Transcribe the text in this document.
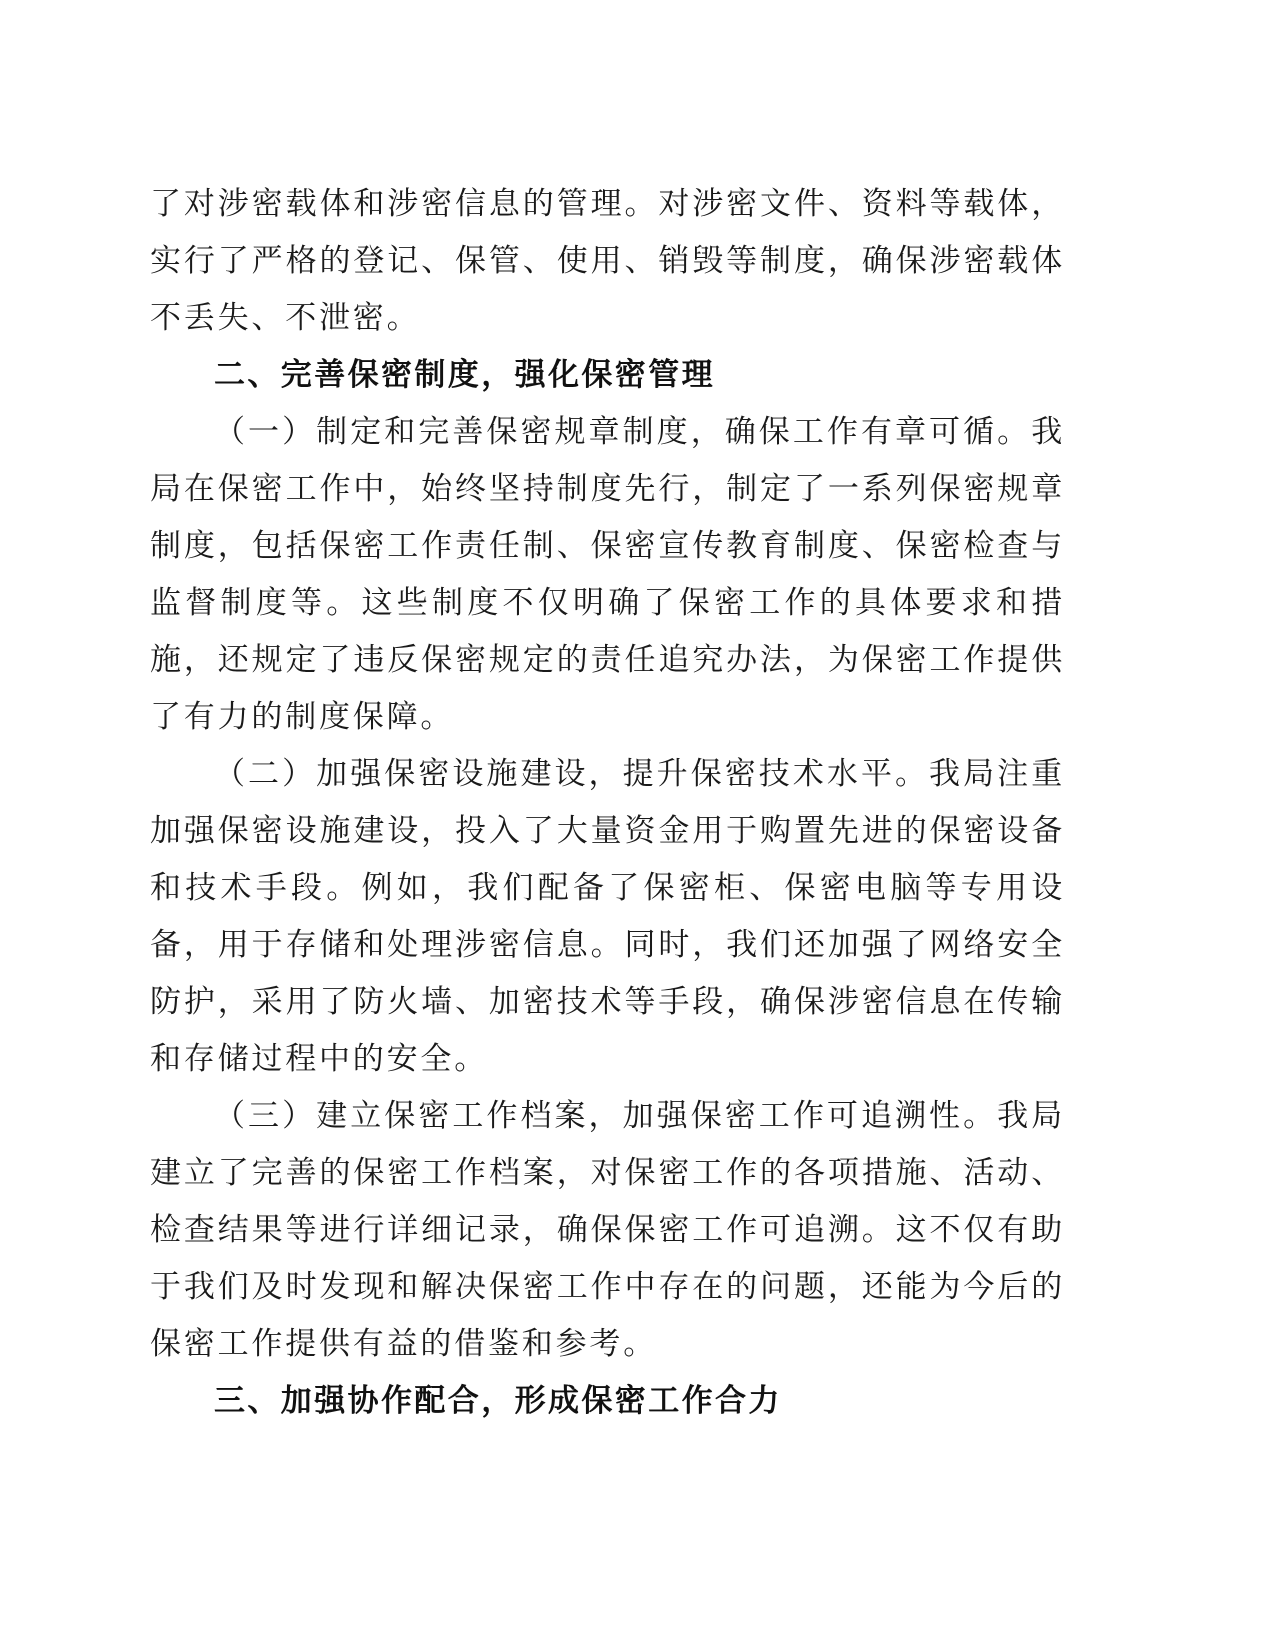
了对涉密载体和涉密信息的管理。对涉密文件、资料等载体，实行了严格的登记、保管、使用、销毁等制度，确保涉密载体不丢失、不泄密。

二、完善保密制度，强化保密管理

（一）制定和完善保密规章制度，确保工作有章可循。我局在保密工作中，始终坚持制度先行，制定了一系列保密规章制度，包括保密工作责任制、保密宣传教育制度、保密检查与监督制度等。这些制度不仅明确了保密工作的具体要求和措施，还规定了违反保密规定的责任追究办法，为保密工作提供了有力的制度保障。

（二）加强保密设施建设，提升保密技术水平。我局注重加强保密设施建设，投入了大量资金用于购置先进的保密设备和技术手段。例如，我们配备了保密柜、保密电脑等专用设备，用于存储和处理涉密信息。同时，我们还加强了网络安全防护，采用了防火墙、加密技术等手段，确保涉密信息在传输和存储过程中的安全。

（三）建立保密工作档案，加强保密工作可追溯性。我局建立了完善的保密工作档案，对保密工作的各项措施、活动、检查结果等进行详细记录，确保保密工作可追溯。这不仅有助于我们及时发现和解决保密工作中存在的问题，还能为今后的保密工作提供有益的借鉴和参考。

三、加强协作配合，形成保密工作合力
